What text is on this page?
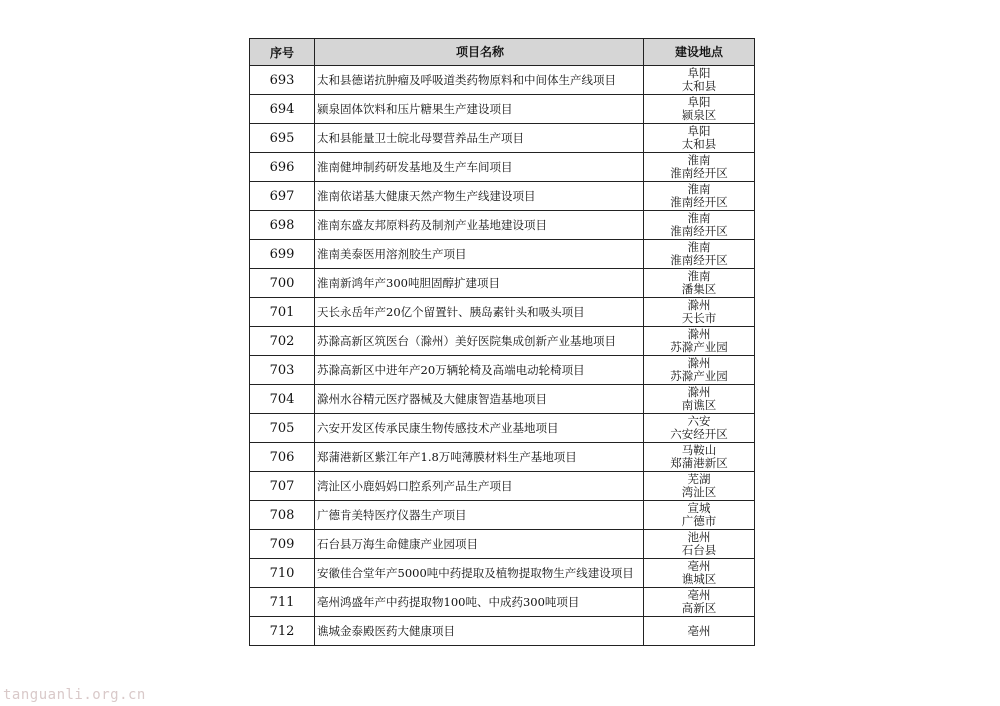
序号	项目名称	建设地点
693	太和县德诺抗肿瘤及呼吸道类药物原料和中间体生产线项目	阜阳
太和县

694	颍泉固体饮料和压片糖果生产建设项目	阜阳
颍泉区

695	太和县能量卫士皖北母婴营养品生产项目	阜阳
太和县

696	淮南健坤制药研发基地及生产车间项目	淮南
淮南经开区

697	淮南依诺基大健康天然产物生产线建设项目	淮南
淮南经开区

698	淮南东盛友邦原料药及制剂产业基地建设项目	淮南
淮南经开区

699	淮南美泰医用溶剂胶生产项目	淮南
淮南经开区

700	淮南新鸿年产300吨胆固醇扩建项目	淮南
潘集区

701	天长永岳年产20亿个留置针、胰岛素针头和吸头项目	滁州
天长市

702	苏滁高新区筑医台（滁州）美好医院集成创新产业基地项目	滁州
苏滁产业园

703	苏滁高新区中进年产20万辆轮椅及高端电动轮椅项目	滁州
苏滁产业园

704	滁州水谷精元医疗器械及大健康智造基地项目	滁州
南谯区

705	六安开发区传承民康生物传感技术产业基地项目	六安
六安经开区

706	郑蒲港新区紫江年产1.8万吨薄膜材料生产基地项目	马鞍山
郑蒲港新区

707	湾沚区小鹿妈妈口腔系列产品生产项目	芜湖
湾沚区

708	广德肯美特医疗仪器生产项目	宣城
广德市

709	石台县万海生命健康产业园项目	池州
石台县

710	安徽佳合堂年产5000吨中药提取及植物提取物生产线建设项目	亳州
谯城区

711	亳州鸿盛年产中药提取物100吨、中成药300吨项目	亳州
高新区

712	谯城金泰殿医药大健康项目	亳州
tanguanli.org.cn
